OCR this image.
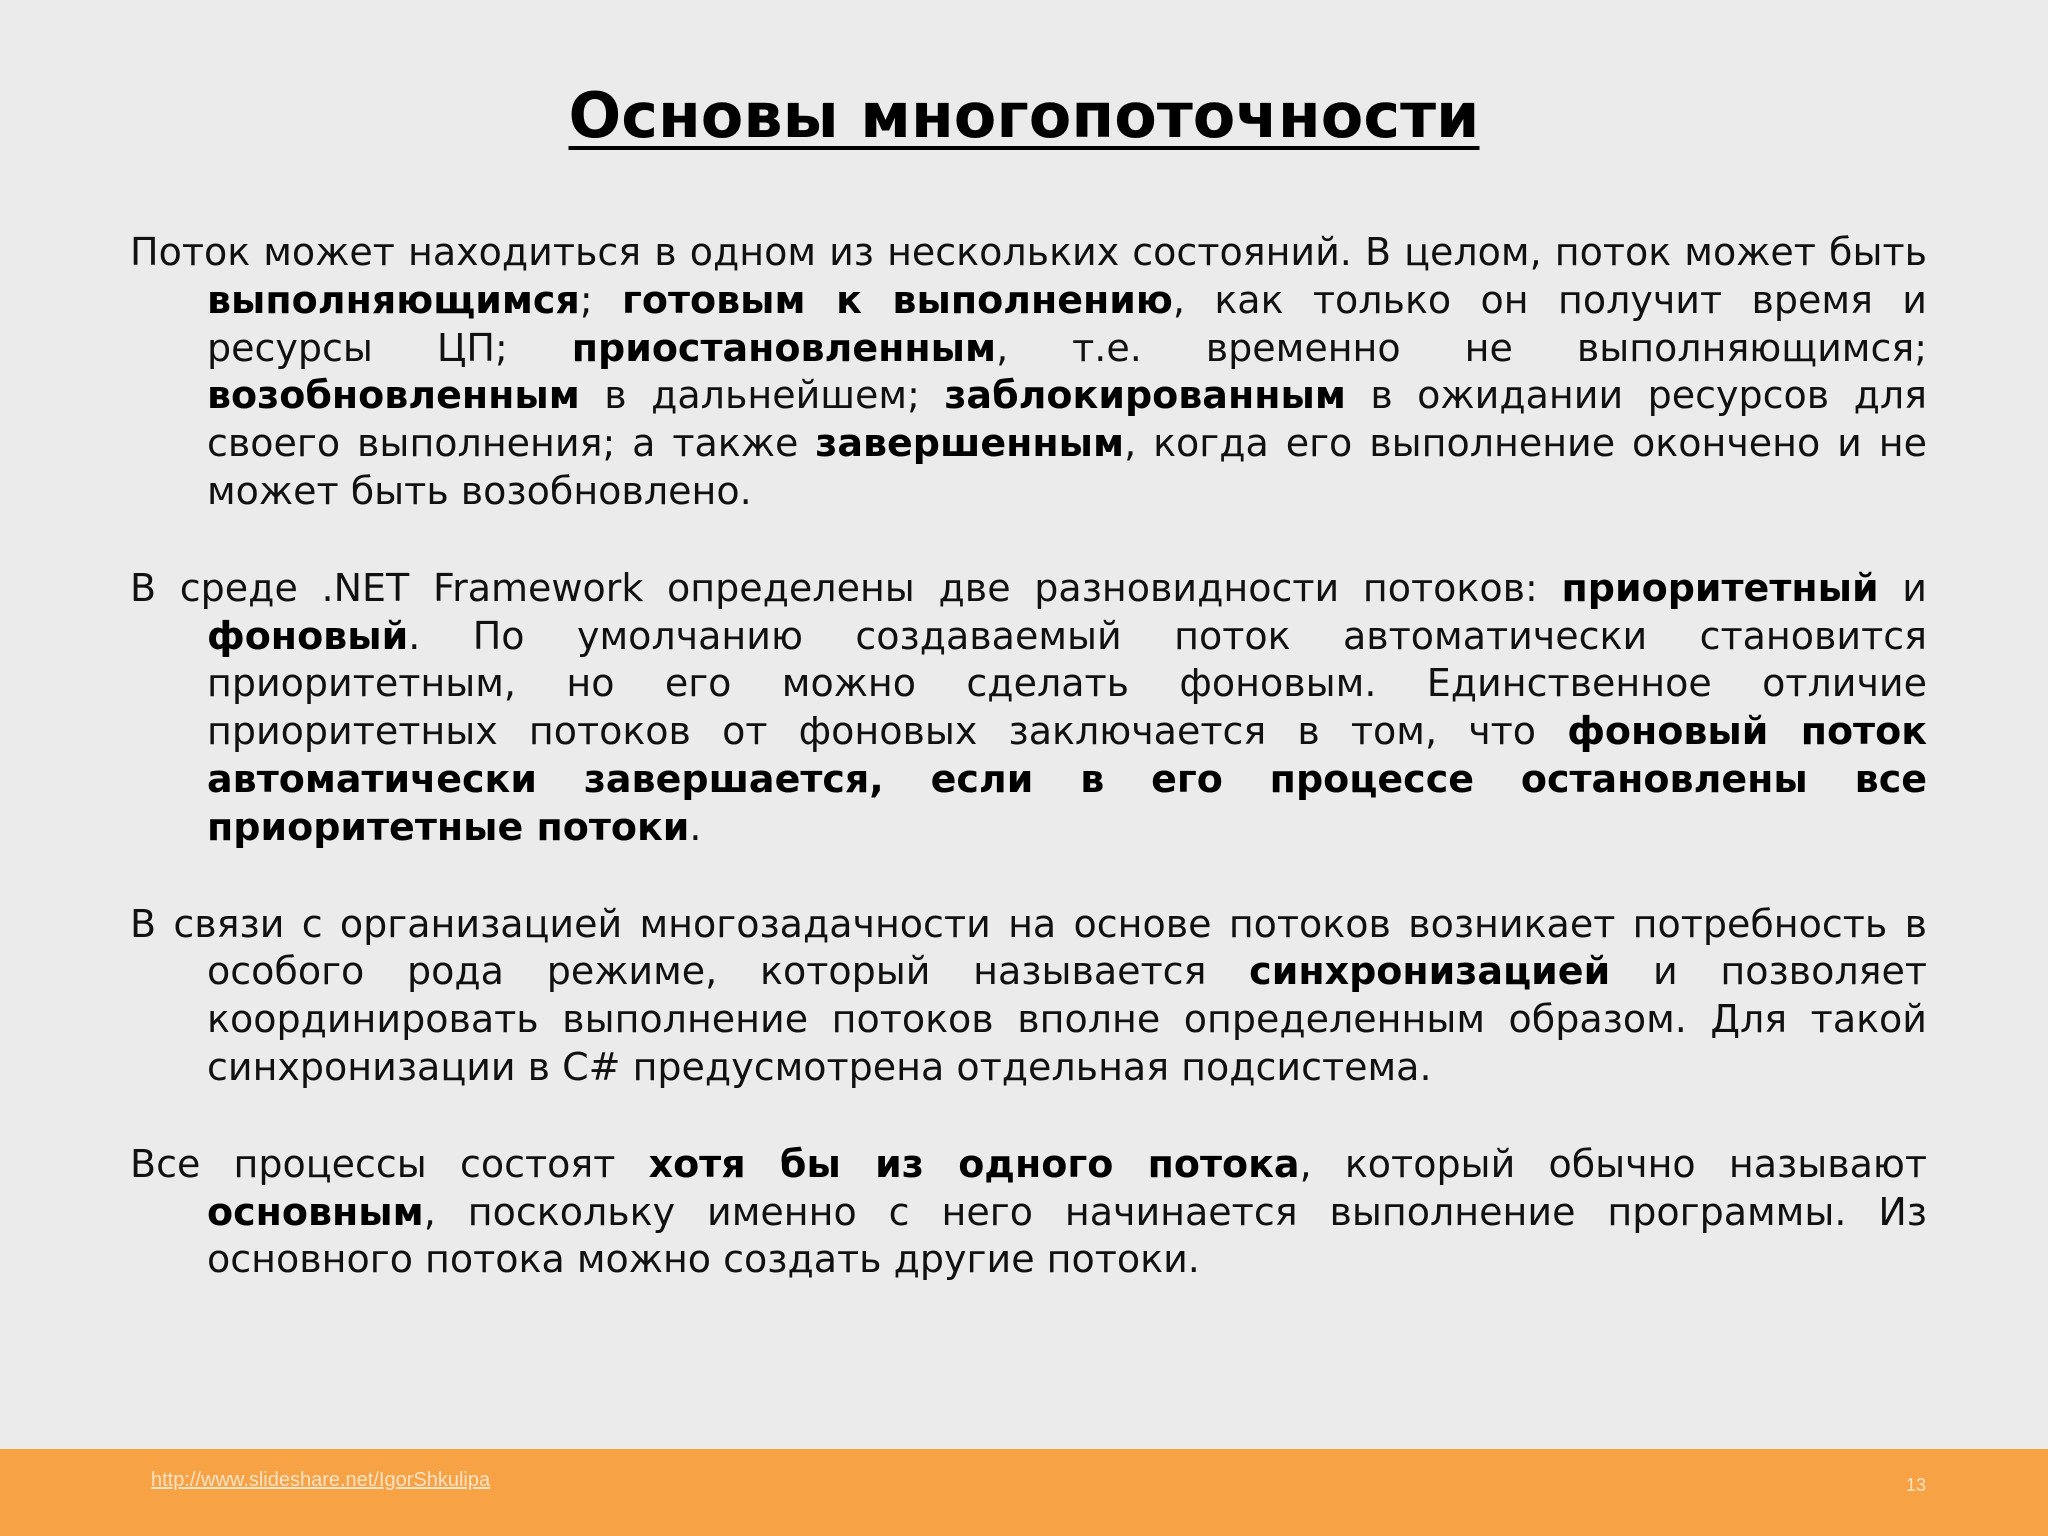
Основы многопоточности

Поток может находиться в одном из нескольких состояний. В целом, поток может быть выполняющимся; готовым к выполнению, как только он получит время и ресурсы ЦП; приостановленным, т.е. временно не выполняющимся; возобновленным в дальнейшем; заблокированным в ожидании ресурсов для своего выполнения; а также завершенным, когда его выполнение окончено и не может быть возобновлено.

В среде .NET Framework определены две разновидности потоков: приоритетный и фоновый. По умолчанию создаваемый поток автоматически становится приоритетным, но его можно сделать фоновым. Единственное отличие приоритетных потоков от фоновых заключается в том, что фоновый поток автоматически завершается, если в его процессе остановлены все приоритетные потоки.

В связи с организацией многозадачности на основе потоков возникает потребность в особого рода режиме, который называется синхронизацией и позволяет координировать выполнение потоков вполне определенным образом. Для такой синхронизации в C# предусмотрена отдельная подсистема.

Все процессы состоят хотя бы из одного потока, который обычно называют основным, поскольку именно с него начинается выполнение программы. Из основного потока можно создать другие потоки.

http://www.slideshare.net/IgorShkulipa	13
